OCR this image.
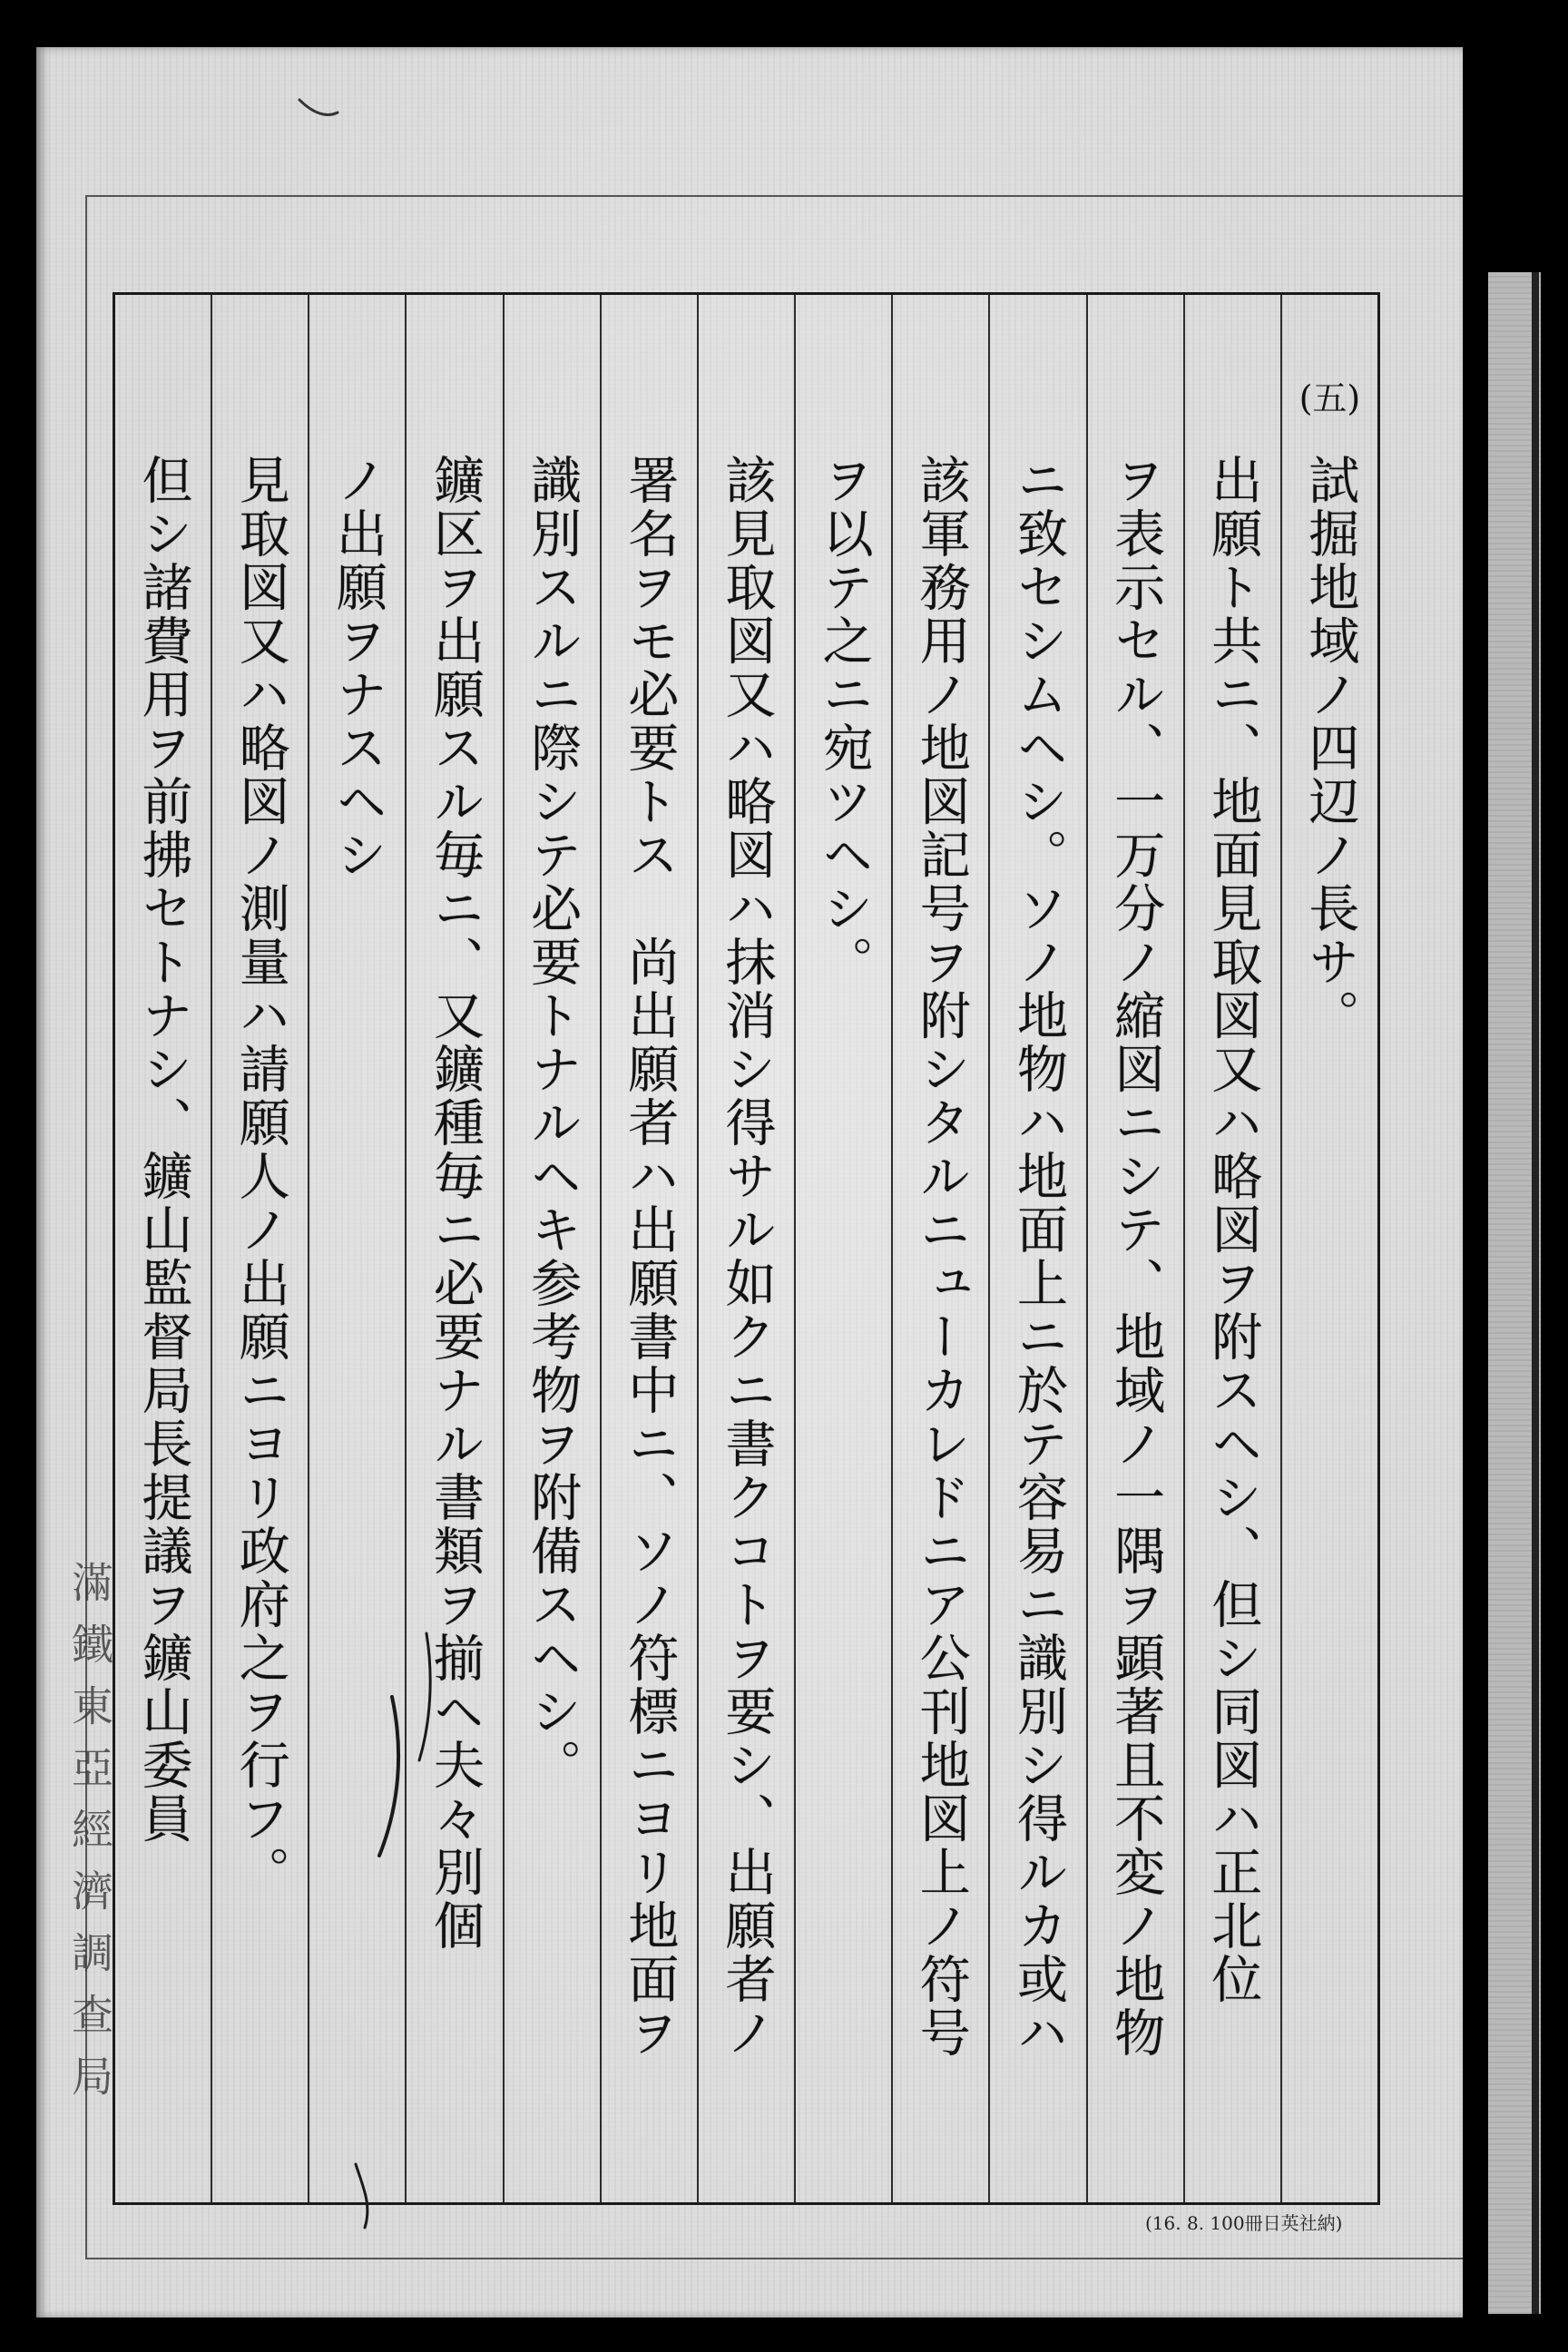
(五)
試掘地域ノ四辺ノ長サ。
出願ト共ニ、地面見取図又ハ略図ヲ附スヘシ、但シ同図ハ正北位
ヲ表示セル、一万分ノ縮図ニシテ、地域ノ一隅ヲ顕著且不変ノ地物
ニ致セシムヘシ。ソノ地物ハ地面上ニ於テ容易ニ識別シ得ルカ或ハ
該軍務用ノ地図記号ヲ附シタルニューカレドニア公刊地図上ノ符号
ヲ以テ之ニ宛ツヘシ。
該見取図又ハ略図ハ抹消シ得サル如クニ書クコトヲ要シ、出願者ノ
署名ヲモ必要トス　尚出願者ハ出願書中ニ、ソノ符標ニヨリ地面ヲ
識別スルニ際シテ必要トナルヘキ参考物ヲ附備スヘシ。
鑛区ヲ出願スル毎ニ、又鑛種毎ニ必要ナル書類ヲ揃ヘ夫々別個
ノ出願ヲナスヘシ
見取図又ハ略図ノ測量ハ請願人ノ出願ニヨリ政府之ヲ行フ。
但シ諸費用ヲ前拂セトナシ、鑛山監督局長提議ヲ鑛山委員
滿鐵東亞經濟調查局
(16. 8. 100冊日英社納)
